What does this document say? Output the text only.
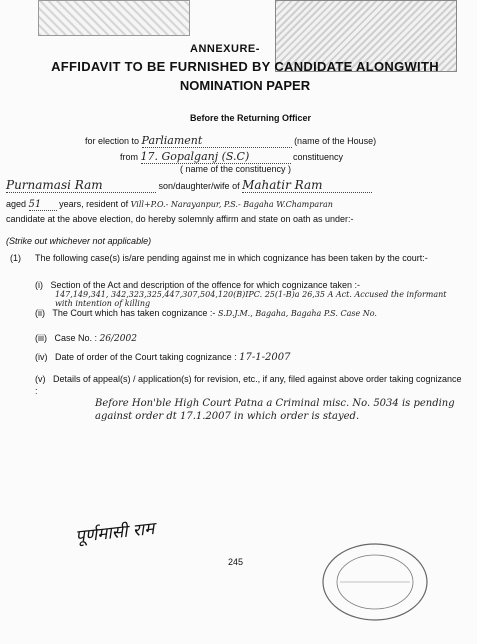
ANNEXURE-
AFFIDAVIT TO BE FURNISHED BY CANDIDATE ALONGWITH
NOMINATION PAPER
Before the Returning Officer
for election to Parliament	(name of the House)
from 17. Gopalganj (S.C)	constituency
( name of the constituency )
Purnamasi Ram	son/daughter/wife of Mahatir Ram
aged 51 years, resident of Vill+P.O.- Narayanpur, P.S.- Bagaha W.Champaran
candidate at the above election, do hereby solemnly affirm and state on oath as under:-
(Strike out whichever not applicable)
(1) The following case(s) is/are pending against me in which cognizance has been taken by the court:-
(i) Section of the Act and description of the offence for which cognizance taken :-
147,149,341, 342,323,325,447,307,504,120(B)IPC. 25(1-B)a 26,35 A Act. Accused the informant with intention of killing
(ii) The Court which has taken cognizance :- S.D.J.M., Bagaha, Bagaha P.S. Case No.
(iii) Case No. : 26/2002
(iv) Date of order of the Court taking cognizance : 17-1-2007
(v) Details of appeal(s) / application(s) for revision, etc., if any, filed against above order taking cognizance :
Before Hon'ble High Court Patna a Criminal misc. No. 5034 is pending against order dt 17.1.2007 in which order is stayed.
पूर्णमासी राम
245
